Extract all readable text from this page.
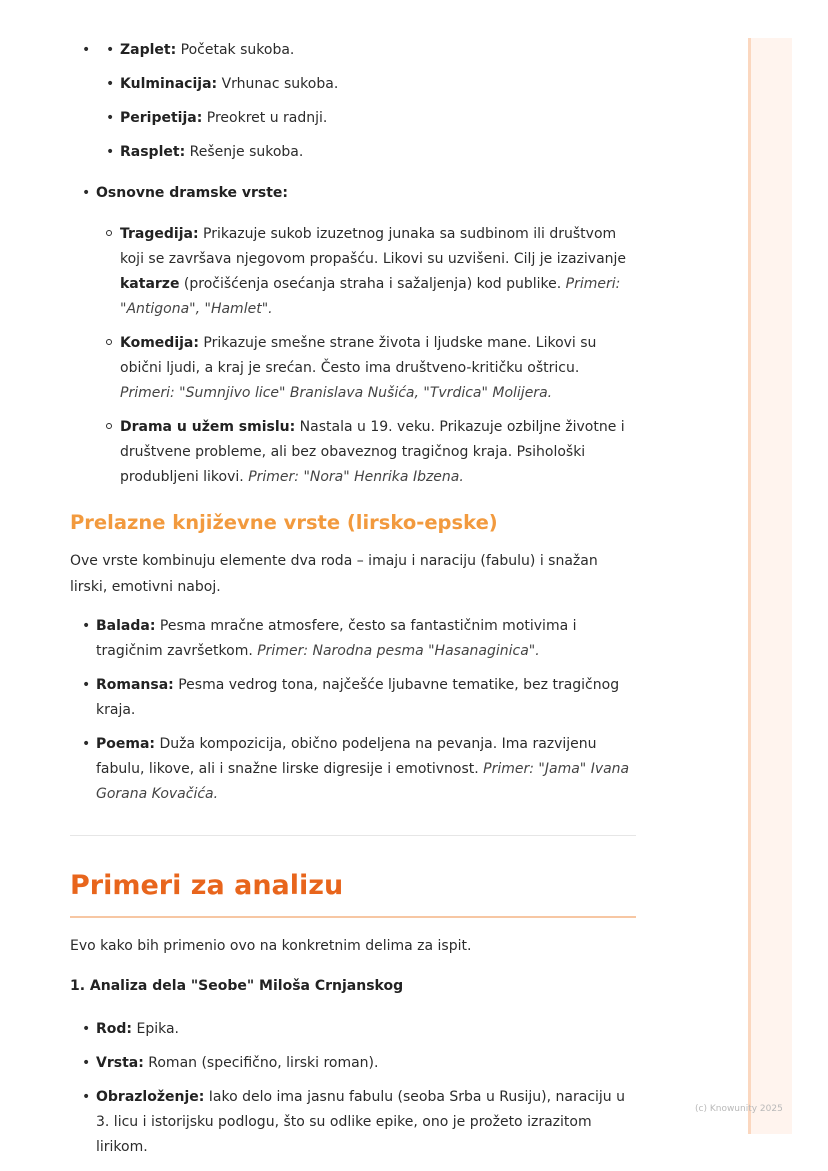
(c) Knowunity 2025
• • Zaplet: Početak sukoba.
• Kulminacija: Vrhunac sukoba.
• Peripetija: Preokret u radnji.
• Rasplet: Rešenje sukoba.
• Osnovne dramske vrste:
Tragedija: Prikazuje sukob izuzetnog junaka sa sudbinom ili društvom koji se završava njegovom propašću. Likovi su uzvišeni. Cilj je izazivanje katarze (pročišćenja osećanja straha i sažaljenja) kod publike. Primeri: "Antigona", "Hamlet".
Komedija: Prikazuje smešne strane života i ljudske mane. Likovi su obični ljudi, a kraj je srećan. Često ima društveno-kritičku oštricu. Primeri: "Sumnjivo lice" Branislava Nušića, "Tvrdica" Molijera.
Drama u užem smislu: Nastala u 19. veku. Prikazuje ozbiljne životne i društvene probleme, ali bez obaveznog tragičnog kraja. Psihološki produbljeni likovi. Primer: "Nora" Henrika Ibzena.
Prelazne književne vrste (lirsko-epske)

Ove vrste kombinuju elemente dva roda – imaju i naraciju (fabulu) i snažan lirski, emotivni naboj.

• Balada: Pesma mračne atmosfere, često sa fantastičnim motivima i tragičnim završetkom. Primer: Narodna pesma "Hasanaginica".
• Romansa: Pesma vedrog tona, najčešće ljubavne tematike, bez tragičnog kraja.
• Poema: Duža kompozicija, obično podeljena na pevanja. Ima razvijenu fabulu, likove, ali i snažne lirske digresije i emotivnost. Primer: "Jama" Ivana Gorana Kovačića.
Primeri za analizu

Evo kako bih primenio ovo na konkretnim delima za ispit.

1. Analiza dela "Seobe" Miloša Crnjanskog
• Rod: Epika.
• Vrsta: Roman (specifično, lirski roman).
• Obrazloženje: Iako delo ima jasnu fabulu (seoba Srba u Rusiju), naraciju u 3. licu i istorijsku podlogu, što su odlike epike, ono je prožeto izrazitom lirikom.
